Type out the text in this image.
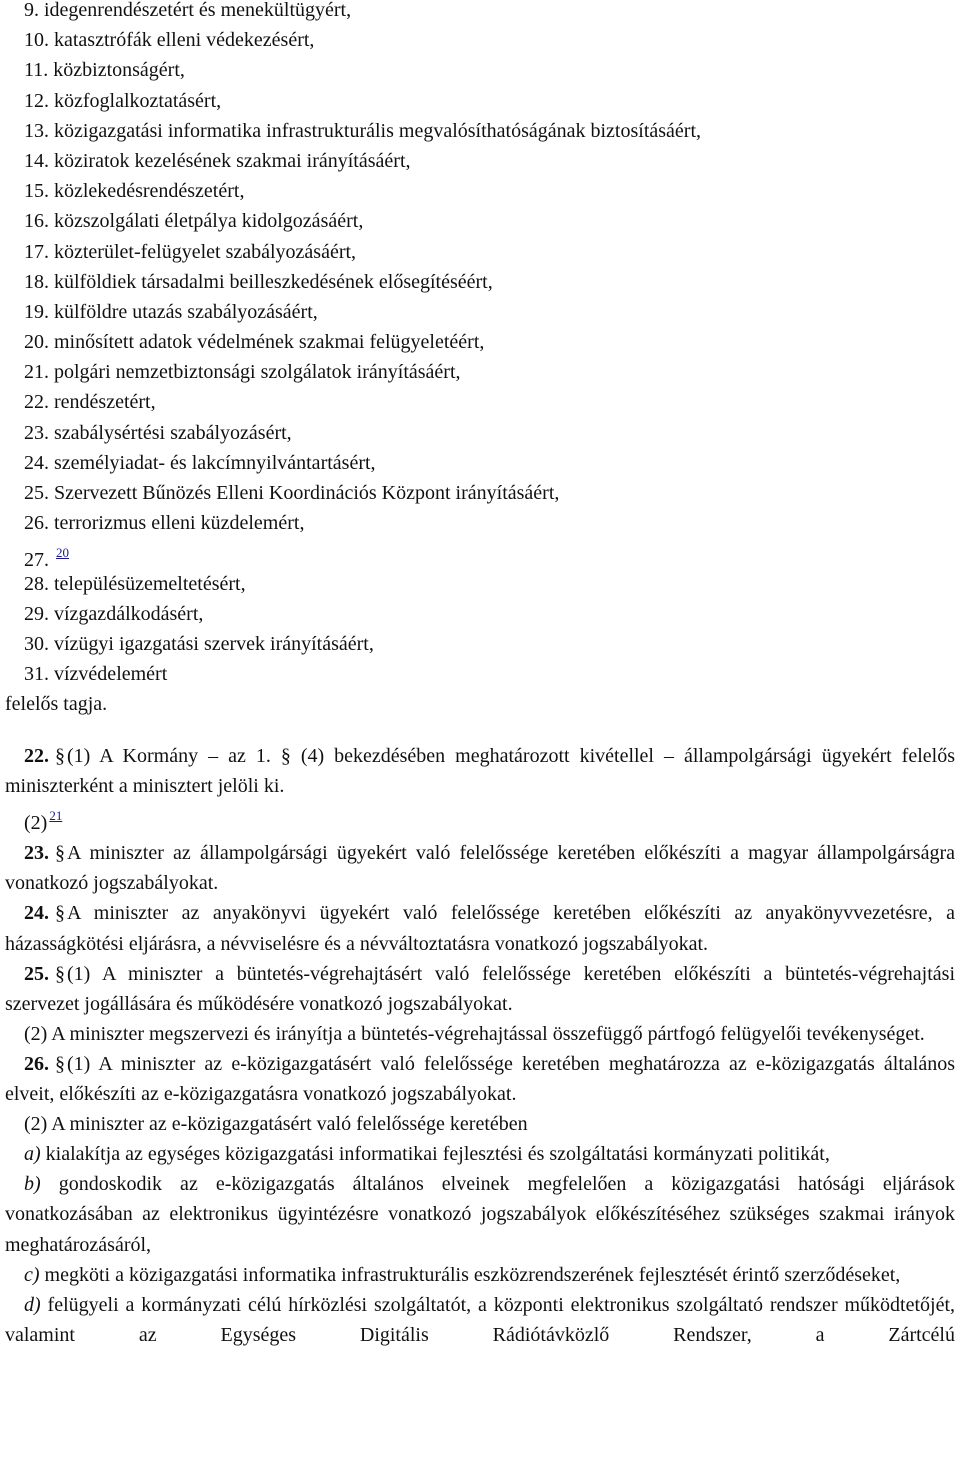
9. idegenrendészetért és menekültügyért,
10. katasztrófák elleni védekezésért,
11. közbiztonságért,
12. közfoglalkoztatásért,
13. közigazgatási informatika infrastrukturális megvalósíthatóságának biztosításáért,
14. köziratok kezelésének szakmai irányításáért,
15. közlekedésrendészetért,
16. közszolgálati életpálya kidolgozásáért,
17. közterület-felügyelet szabályozásáért,
18. külföldiek társadalmi beilleszkedésének elősegítéséért,
19. külföldre utazás szabályozásáért,
20. minősített adatok védelmének szakmai felügyeletéért,
21. polgári nemzetbiztonsági szolgálatok irányításáért,
22. rendészetért,
23. szabálysértési szabályozásért,
24. személyiadat- és lakcímnyilvántartásért,
25. Szervezett Bűnözés Elleni Koordinációs Központ irányításáért,
26. terrorizmus elleni küzdelemért,
27. $^{20}$
28. településüzemeltetésért,
29. vízgazdálkodásért,
30. vízügyi igazgatási szervek irányításáért,
31. vízvédelemért
felelős tagja.

22. § (1) A Kormány – az 1. § (4) bekezdésében meghatározott kivétellel – állampolgársági ügyekért felelős miniszterként a minisztert jelöli ki.

(2) $^{21}$

23. § A miniszter az állampolgársági ügyekért való felelőssége keretében előkészíti a magyar állampolgárságra vonatkozó jogszabályokat.

24. § A miniszter az anyakönyvi ügyekért való felelőssége keretében előkészíti az anyakönyvvezetésre, a házasságkötési eljárásra, a névviselésre és a névváltoztatásra vonatkozó jogszabályokat.

25. § (1) A miniszter a büntetés-végrehajtásért való felelőssége keretében előkészíti a büntetés-végrehajtási szervezet jogállására és működésére vonatkozó jogszabályokat.

(2) A miniszter megszervezi és irányítja a büntetés-végrehajtással összefüggő pártfogó felügyelői tevékenységet.

26. § (1) A miniszter az e-közigazgatásért való felelőssége keretében meghatározza az e-közigazgatás általános elveit, előkészíti az e-közigazgatásra vonatkozó jogszabályokat.

(2) A miniszter az e-közigazgatásért való felelőssége keretében

a) kialakítja az egységes közigazgatási informatikai fejlesztési és szolgáltatási kormányzati politikát,

b) gondoskodik az e-közigazgatás általános elveinek megfelelően a közigazgatási hatósági eljárások vonatkozásában az elektronikus ügyintézésre vonatkozó jogszabályok előkészítéséhez szükséges szakmai irányok meghatározásáról,

c) megköti a közigazgatási informatika infrastrukturális eszközrendszerének fejlesztését érintő szerződéseket,

d) felügyeli a kormányzati célú hírközlési szolgáltatót, a központi elektronikus szolgáltató rendszer működtetőjét, valamint az Egységes Digitális Rádiótávközlő Rendszer, a Zártcélú
